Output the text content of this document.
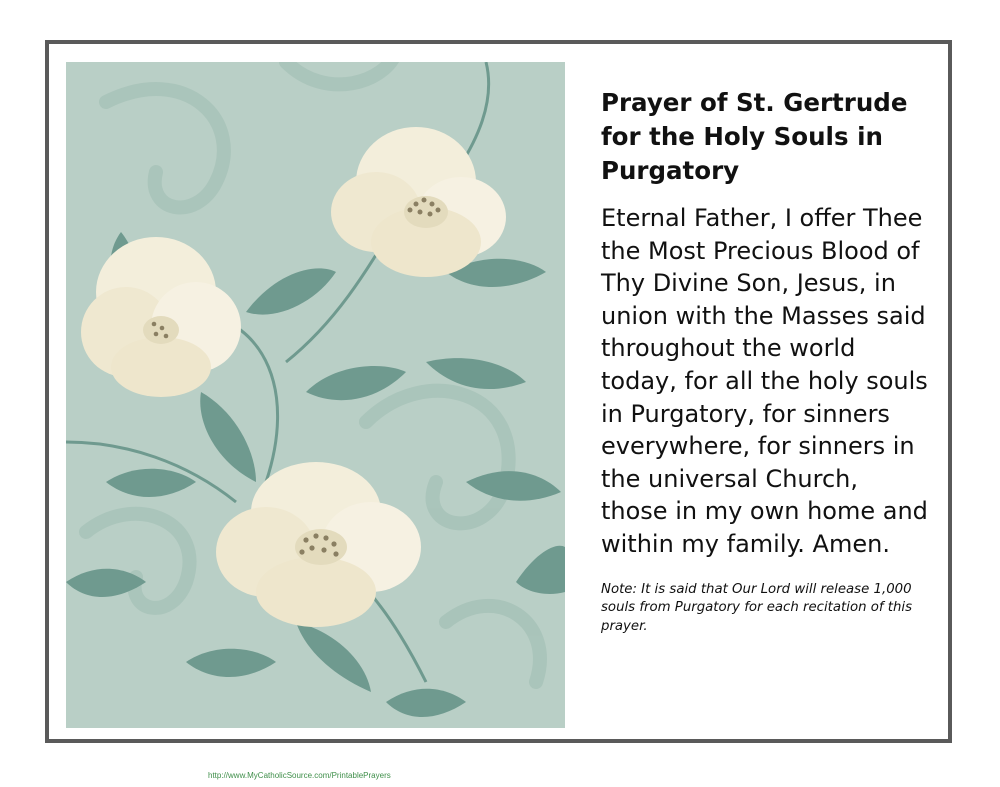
Prayer of St. Gertrude for the Holy Souls in Purgatory

Eternal Father, I offer Thee the Most Precious Blood of Thy Divine Son, Jesus, in union with the Masses said throughout the world today, for all the holy souls in Purgatory, for sinners everywhere, for sinners in the universal Church, those in my own home and within my family. Amen.

Note: It is said that Our Lord will release 1,000 souls from Purgatory for each recitation of this prayer.

http://www.MyCatholicSource.com/PrintablePrayers
